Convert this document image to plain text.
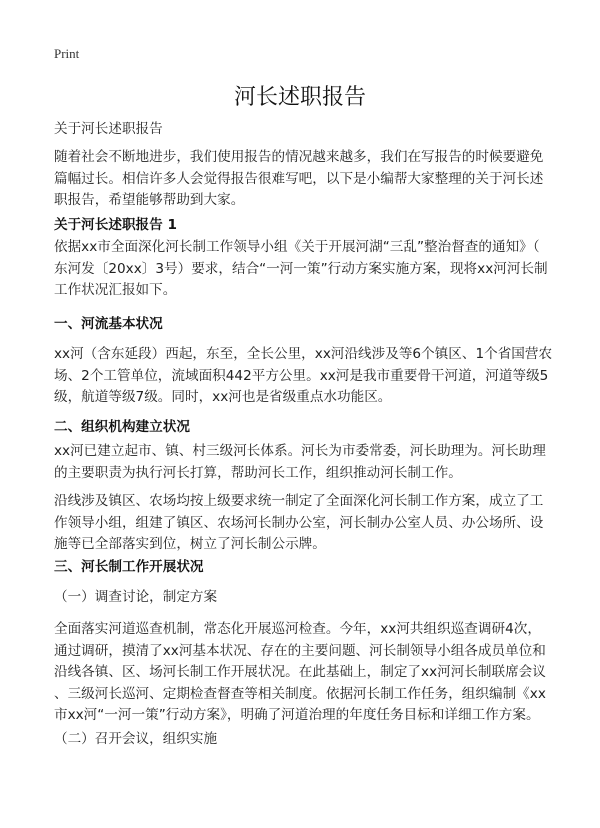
Print
河长述职报告
关于河长述职报告
随着社会不断地进步，我们使用报告的情况越来越多，我们在写报告的时候要避免
篇幅过长。相信许多人会觉得报告很难写吧，以下是小编帮大家整理的关于河长述
职报告，希望能够帮助到大家。
关于河长述职报告 1
依据xx市全面深化河长制工作领导小组《关于开展河湖“三乱”整治督查的通知》（
东河发〔20xx〕3号）要求，结合“一河一策”行动方案实施方案，现将xx河河长制
工作状况汇报如下。
一、河流基本状况
xx河（含东延段）西起，东至，全长公里，xx河沿线涉及等6个镇区、1个省国营农
场、2个工管单位，流域面积442平方公里。xx河是我市重要骨干河道，河道等级5
级，航道等级7级。同时，xx河也是省级重点水功能区。
二、组织机构建立状况
xx河已建立起市、镇、村三级河长体系。河长为市委常委，河长助理为。河长助理
的主要职责为执行河长打算，帮助河长工作，组织推动河长制工作。
沿线涉及镇区、农场均按上级要求统一制定了全面深化河长制工作方案，成立了工
作领导小组，组建了镇区、农场河长制办公室，河长制办公室人员、办公场所、设
施等已全部落实到位，树立了河长制公示牌。
三、河长制工作开展状况
（一）调查讨论，制定方案
全面落实河道巡查机制，常态化开展巡河检查。今年，xx河共组织巡查调研4次，
通过调研，摸清了xx河基本状况、存在的主要问题、河长制领导小组各成员单位和
沿线各镇、区、场河长制工作开展状况。在此基础上，制定了xx河河长制联席会议
、三级河长巡河、定期检查督查等相关制度。依据河长制工作任务，组织编制《xx
市xx河“一河一策”行动方案》，明确了河道治理的年度任务目标和详细工作方案。
（二）召开会议，组织实施
